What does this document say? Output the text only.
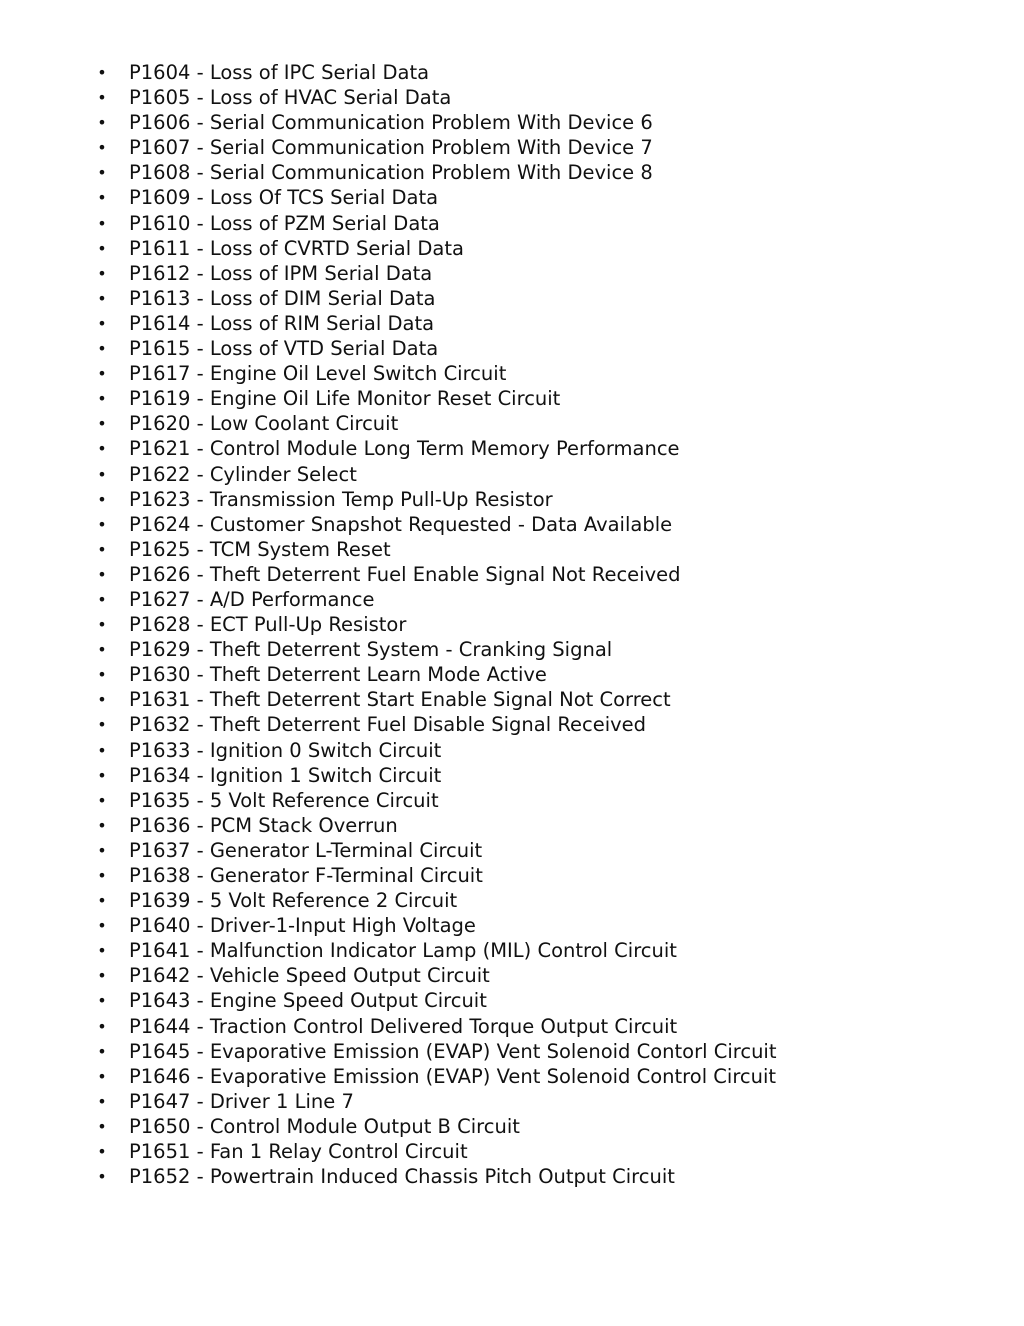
• P1604 - Loss of IPC Serial Data
• P1605 - Loss of HVAC Serial Data
• P1606 - Serial Communication Problem With Device 6
• P1607 - Serial Communication Problem With Device 7
• P1608 - Serial Communication Problem With Device 8
• P1609 - Loss Of TCS Serial Data
• P1610 - Loss of PZM Serial Data
• P1611 - Loss of CVRTD Serial Data
• P1612 - Loss of IPM Serial Data
• P1613 - Loss of DIM Serial Data
• P1614 - Loss of RIM Serial Data
• P1615 - Loss of VTD Serial Data
• P1617 - Engine Oil Level Switch Circuit
• P1619 - Engine Oil Life Monitor Reset Circuit
• P1620 - Low Coolant Circuit
• P1621 - Control Module Long Term Memory Performance
• P1622 - Cylinder Select
• P1623 - Transmission Temp Pull-Up Resistor
• P1624 - Customer Snapshot Requested - Data Available
• P1625 - TCM System Reset
• P1626 - Theft Deterrent Fuel Enable Signal Not Received
• P1627 - A/D Performance
• P1628 - ECT Pull-Up Resistor
• P1629 - Theft Deterrent System - Cranking Signal
• P1630 - Theft Deterrent Learn Mode Active
• P1631 - Theft Deterrent Start Enable Signal Not Correct
• P1632 - Theft Deterrent Fuel Disable Signal Received
• P1633 - Ignition 0 Switch Circuit
• P1634 - Ignition 1 Switch Circuit
• P1635 - 5 Volt Reference Circuit
• P1636 - PCM Stack Overrun
• P1637 - Generator L-Terminal Circuit
• P1638 - Generator F-Terminal Circuit
• P1639 - 5 Volt Reference 2 Circuit
• P1640 - Driver-1-Input High Voltage
• P1641 - Malfunction Indicator Lamp (MIL) Control Circuit
• P1642 - Vehicle Speed Output Circuit
• P1643 - Engine Speed Output Circuit
• P1644 - Traction Control Delivered Torque Output Circuit
• P1645 - Evaporative Emission (EVAP) Vent Solenoid Contorl Circuit
• P1646 - Evaporative Emission (EVAP) Vent Solenoid Control Circuit
• P1647 - Driver 1 Line 7
• P1650 - Control Module Output B Circuit
• P1651 - Fan 1 Relay Control Circuit
• P1652 - Powertrain Induced Chassis Pitch Output Circuit
